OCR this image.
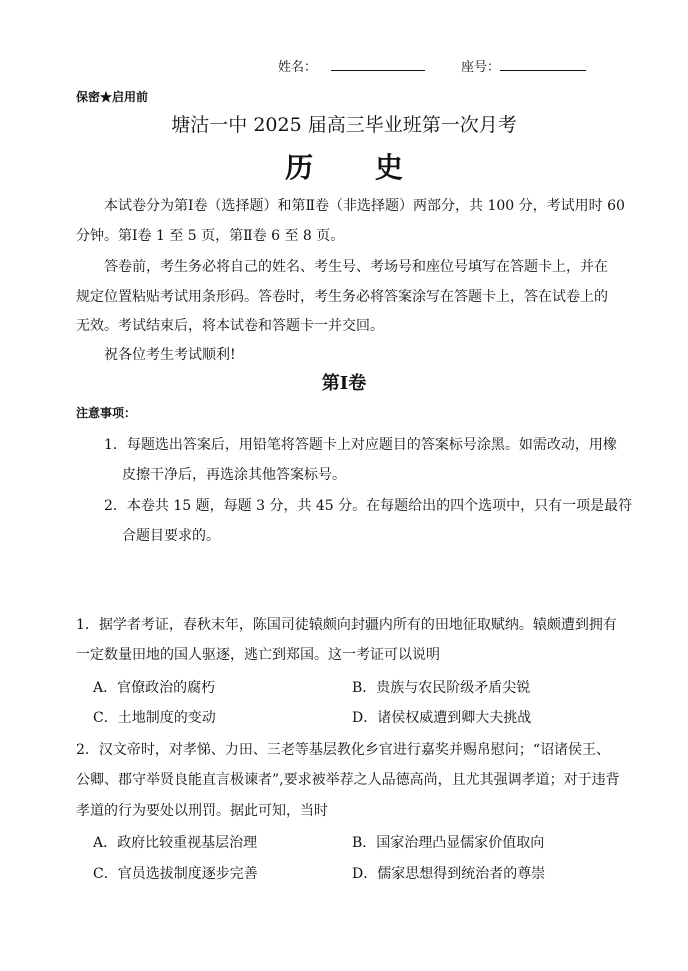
姓名：	座号：
保密★启用前
塘沽一中 2025 届高三毕业班第一次月考
历 史
本试卷分为第Ⅰ卷（选择题）和第Ⅱ卷（非选择题）两部分，共 100 分，考试用时 60
分钟。第Ⅰ卷 1 至 5 页，第Ⅱ卷 6 至 8 页。
答卷前，考生务必将自己的姓名、考生号、考场号和座位号填写在答题卡上，并在
规定位置粘贴考试用条形码。答卷时，考生务必将答案涂写在答题卡上，答在试卷上的
无效。考试结束后，将本试卷和答题卡一并交回。
祝各位考生考试顺利!
第Ⅰ卷
注意事项：
1．每题选出答案后，用铅笔将答题卡上对应题目的答案标号涂黑。如需改动，用橡
皮擦干净后，再选涂其他答案标号。
2．本卷共 15 题，每题 3 分，共 45 分。在每题给出的四个选项中，只有一项是最符
合题目要求的。
1．据学者考证，春秋末年，陈国司徒辕颇向封疆内所有的田地征取赋纳。辕颇遭到拥有
一定数量田地的国人驱逐，逃亡到郑国。这一考证可以说明
A．官僚政治的腐朽	B．贵族与农民阶级矛盾尖锐
C．土地制度的变动	D．诸侯权威遭到卿大夫挑战
2．汉文帝时，对孝悌、力田、三老等基层教化乡官进行嘉奖并赐帛慰问；“诏诸侯王、
公卿、郡守举贤良能直言极谏者”,要求被举荐之人品德高尚，且尤其强调孝道；对于违背
孝道的行为要处以刑罚。据此可知，当时
A．政府比较重视基层治理	B．国家治理凸显儒家价值取向
C．官员选拔制度逐步完善	D．儒家思想得到统治者的尊崇
